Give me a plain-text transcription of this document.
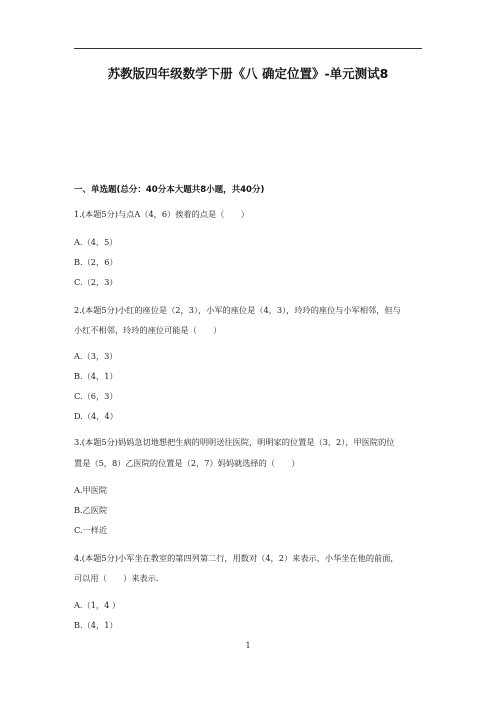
苏教版四年级数学下册《八 确定位置》-单元测试8
一、单选题(总分：40分本大题共8小题，共40分)
1.(本题5分)与点A（4，6）挨着的点是（　　）
A.（4，5）
B.（2，6）
C.（2，3）
2.(本题5分)小红的座位是（2，3），小军的座位是（4，3），玲玲的座位与小军相邻，但与
小红不相邻，玲玲的座位可能是（　　）
A.（3，3）
B.（4，1）
C.（6，3）
D.（4，4）
3.(本题5分)妈妈急切地想把生病的明明送往医院，明明家的位置是（3，2），甲医院的位
置是（5，8）乙医院的位置是（2，7）妈妈就选择的（　　）
A.甲医院
B.乙医院
C.一样近
4.(本题5分)小军坐在教室的第四列第二行，用数对（4，2）来表示，小华坐在他的前面，
可以用（　　）来表示.
A.（1，4 ）
B.（4，1）
1
